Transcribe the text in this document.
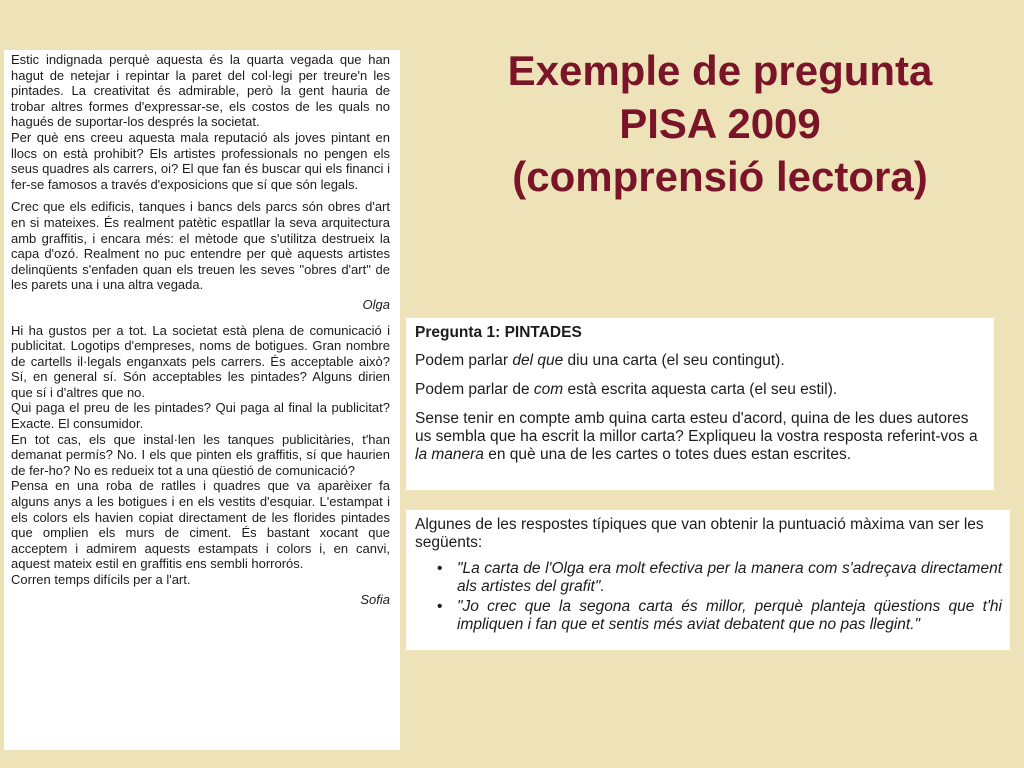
Estic indignada perquè aquesta és la quarta vegada que han hagut de netejar i repintar la paret del col·legi per treure'n les pintades. La creativitat és admirable, però la gent hauria de trobar altres formes d'expressar-se, els costos de les quals no hagués de suportar-los després la societat.

Per què ens creeu aquesta mala reputació als joves pintant en llocs on està prohibit? Els artistes professionals no pengen els seus quadres als carrers, oi? El que fan és buscar qui els financi i fer-se famosos a través d'exposicions que sí que són legals.

Crec que els edificis, tanques i bancs dels parcs són obres d'art en si mateixes. És realment patètic espatllar la seva arquitectura amb graffitis, i encara més: el mètode que s'utilitza destrueix la capa d'ozó. Realment no puc entendre per què aquests artistes delinqüents s'enfaden quan els treuen les seves "obres d'art" de les parets una i una altra vegada.

Olga

Hi ha gustos per a tot. La societat està plena de comunicació i publicitat. Logotips d'empreses, noms de botigues. Gran nombre de cartells il·legals enganxats pels carrers. És acceptable això? Sí, en general sí. Són acceptables les pintades? Alguns dirien que sí i d'altres que no.

Qui paga el preu de les pintades? Qui paga al final la publicitat? Exacte. El consumidor.

En tot cas, els que instal·len les tanques publicitàries, t'han demanat permís? No. I els que pinten els graffitis, sí que haurien de fer-ho? No es redueix tot a una qüestió de comunicació?

Pensa en una roba de ratlles i quadres que va aparèixer fa alguns anys a les botigues i en els vestits d'esquiar. L'estampat i els colors els havien copiat directament de les florides pintades que omplien els murs de ciment. És bastant xocant que acceptem i admirem aquests estampats i colors i, en canvi, aquest mateix estil en graffitis ens sembli horrorós.

Corren temps difícils per a l'art.

Sofia
Exemple de pregunta
PISA 2009
(comprensió lectora)

Pregunta 1: PINTADES

Podem parlar del que diu una carta (el seu contingut).

Podem parlar de com està escrita aquesta carta (el seu estil).

Sense tenir en compte amb quina carta esteu d'acord, quina de les dues autores us sembla que ha escrit la millor carta? Expliqueu la vostra resposta referint-vos a la manera en què una de les cartes o totes dues estan escrites.

Algunes de les respostes típiques que van obtenir la puntuació màxima van ser les següents:

• "La carta de l'Olga era molt efectiva per la manera com s'adreçava directament als artistes del grafit".
• "Jo crec que la segona carta és millor, perquè planteja qüestions que t'hi impliquen i fan que et sentis més aviat debatent que no pas llegint."
